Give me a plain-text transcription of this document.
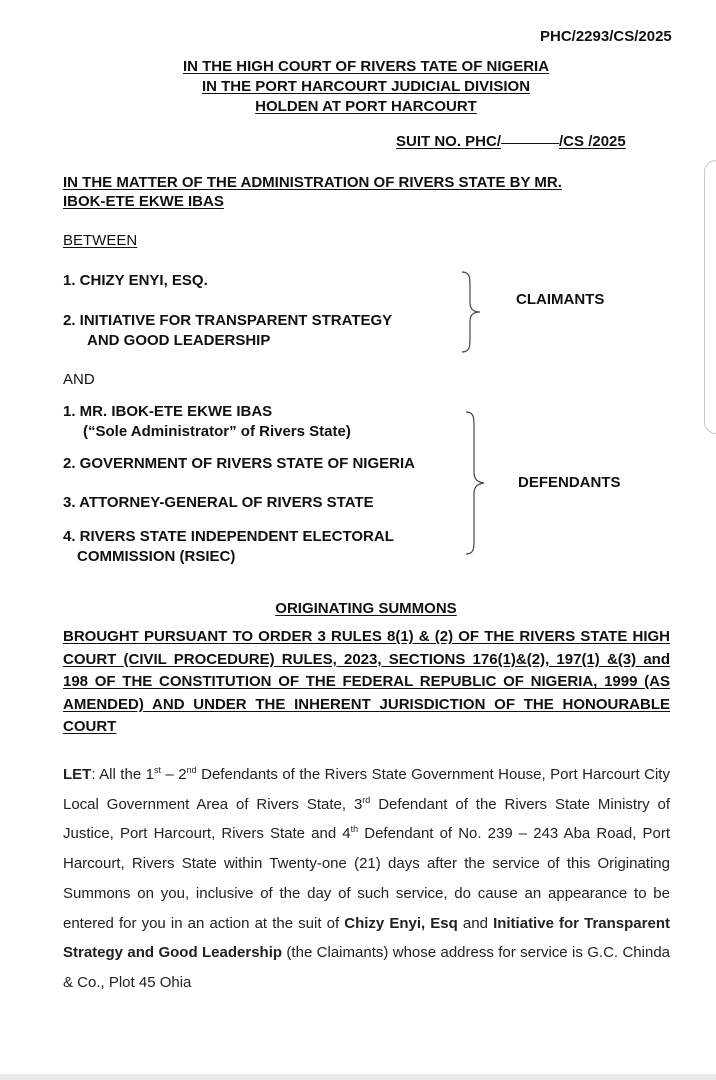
PHC/2293/CS/2025
IN THE HIGH COURT OF RIVERS TATE OF NIGERIA
IN THE PORT HARCOURT JUDICIAL DIVISION
HOLDEN AT PORT HARCOURT
SUIT NO. PHC/	/CS /2025
IN THE MATTER OF THE ADMINISTRATION OF RIVERS STATE BY MR.
IBOK-ETE EKWE IBAS
BETWEEN
1. CHIZY ENYI, ESQ.
2. INITIATIVE FOR TRANSPARENT STRATEGY
AND GOOD LEADERSHIP
CLAIMANTS
AND
1. MR. IBOK-ETE EKWE IBAS
(“Sole Administrator” of Rivers State)
2. GOVERNMENT OF RIVERS STATE OF NIGERIA
3. ATTORNEY-GENERAL OF RIVERS STATE
4. RIVERS STATE INDEPENDENT ELECTORAL
COMMISSION (RSIEC)
DEFENDANTS
ORIGINATING SUMMONS
BROUGHT PURSUANT TO ORDER 3 RULES 8(1) & (2) OF THE RIVERS STATE HIGH COURT (CIVIL PROCEDURE) RULES, 2023, SECTIONS 176(1)&(2), 197(1) &(3) and 198 OF THE CONSTITUTION OF THE FEDERAL REPUBLIC OF NIGERIA, 1999 (AS AMENDED) AND UNDER THE INHERENT JURISDICTION OF THE HONOURABLE COURT
LET: All the 1st – 2nd Defendants of the Rivers State Government House, Port Harcourt City Local Government Area of Rivers State, 3rd Defendant of the Rivers State Ministry of Justice, Port Harcourt, Rivers State and 4th Defendant of No. 239 – 243 Aba Road, Port Harcourt, Rivers State within Twenty-one (21) days after the service of this Originating Summons on you, inclusive of the day of such service, do cause an appearance to be entered for you in an action at the suit of Chizy Enyi, Esq and Initiative for Transparent Strategy and Good Leadership (the Claimants) whose address for service is G.C. Chinda & Co., Plot 45 Ohia
